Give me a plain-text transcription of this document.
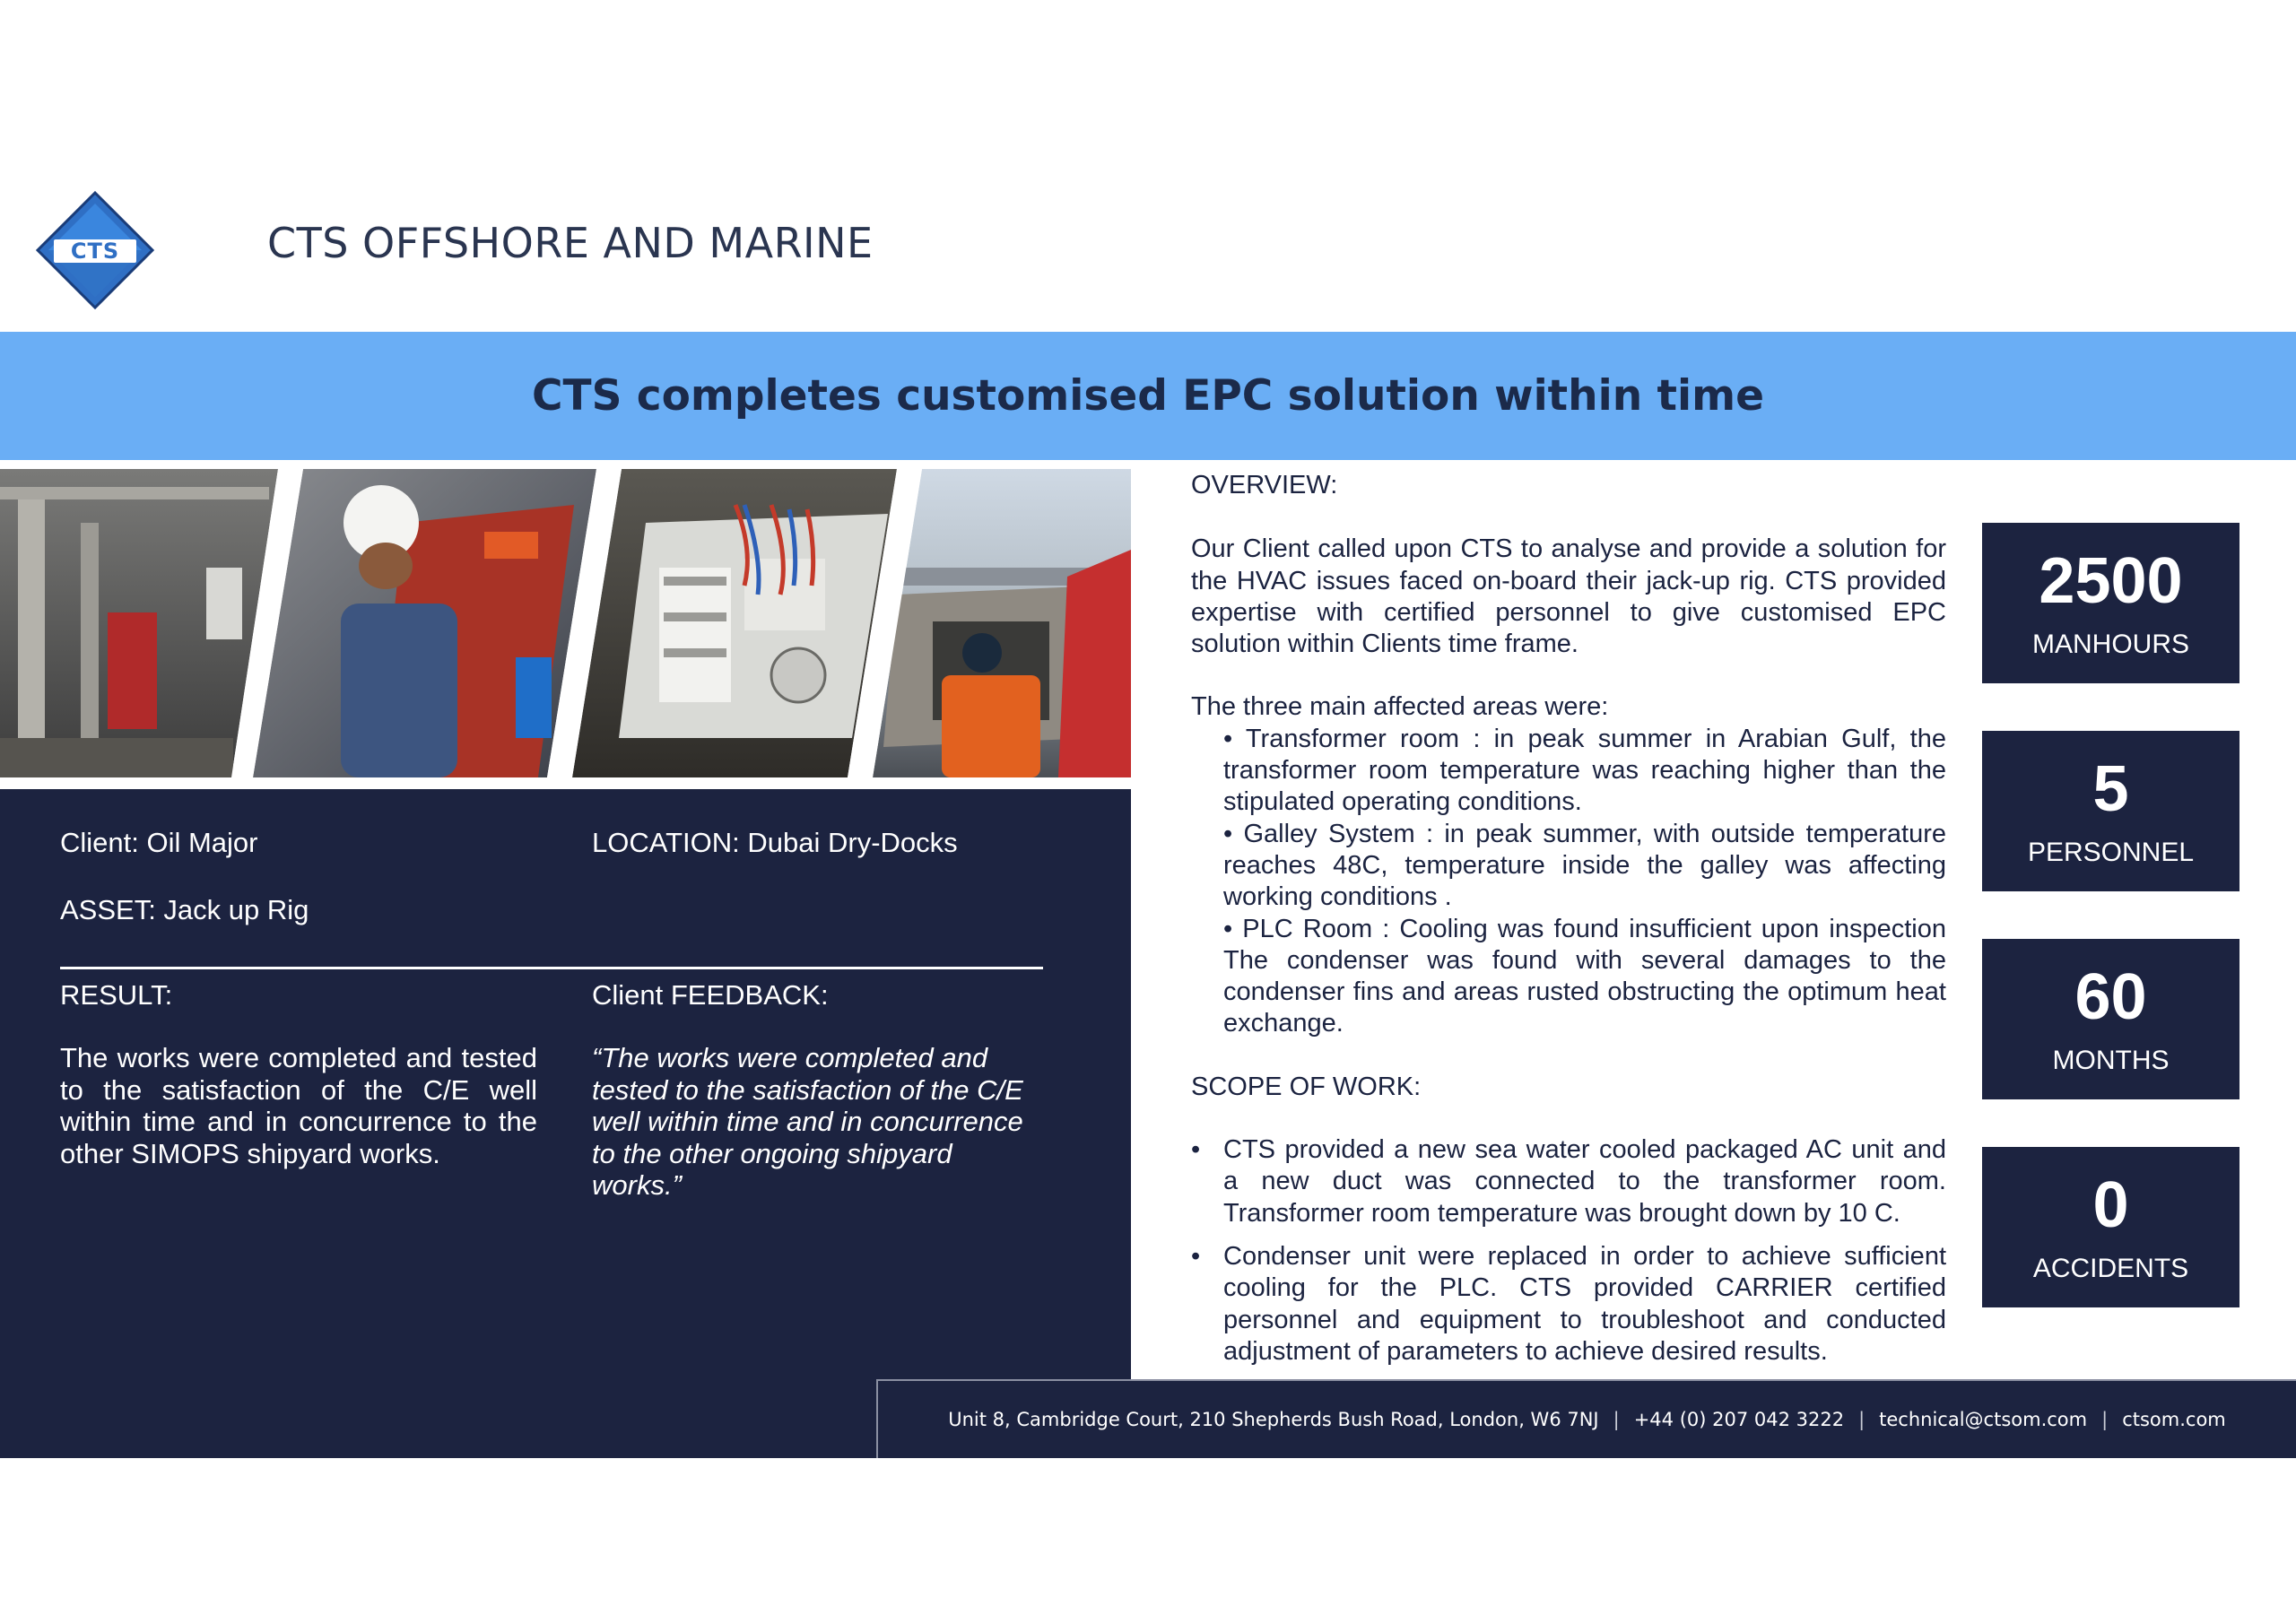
CTS	CTS OFFSHORE AND MARINE
CTS completes customised EPC solution within time
Client: Oil Major	LOCATION: Dubai Dry-Docks
ASSET: Jack up Rig
RESULT:	Client FEEDBACK:
The works were completed and tested to the satisfaction of the C/E well within time and in concurrence to the other SIMOPS shipyard works.
“The works were completed and tested to the satisfaction of the C/E well within time and in concurrence to the other ongoing shipyard works.”

OVERVIEW:

Our Client called upon CTS to analyse and provide a solution for the HVAC issues faced on-board their jack-up rig. CTS provided expertise with certified personnel to give customised EPC solution within Clients time frame.

The three main affected areas were:

• Transformer room : in peak summer in Arabian Gulf, the transformer room temperature was reaching higher than the stipulated operating conditions.

• Galley System : in peak summer, with outside temperature reaches 48C, temperature inside the galley was affecting working conditions .

• PLC Room : Cooling was found insufficient upon inspection The condenser was found with several damages to the condenser fins and areas rusted obstructing the optimum heat exchange.

SCOPE OF WORK:

• CTS provided a new sea water cooled packaged AC unit and a new duct was connected to the transformer room. Transformer room temperature was brought down by 10 C.
• Condenser unit were replaced in order to achieve sufficient cooling for the PLC. CTS provided CARRIER certified personnel and equipment to troubleshoot and conducted adjustment of parameters to achieve desired results.
2500
MANHOURS
5
PERSONNEL
60
MONTHS
0
ACCIDENTS
Unit 8, Cambridge Court, 210 Shepherds Bush Road, London, W6 7NJ | +44 (0) 207 042 3222 | technical@ctsom.com | ctsom.com
